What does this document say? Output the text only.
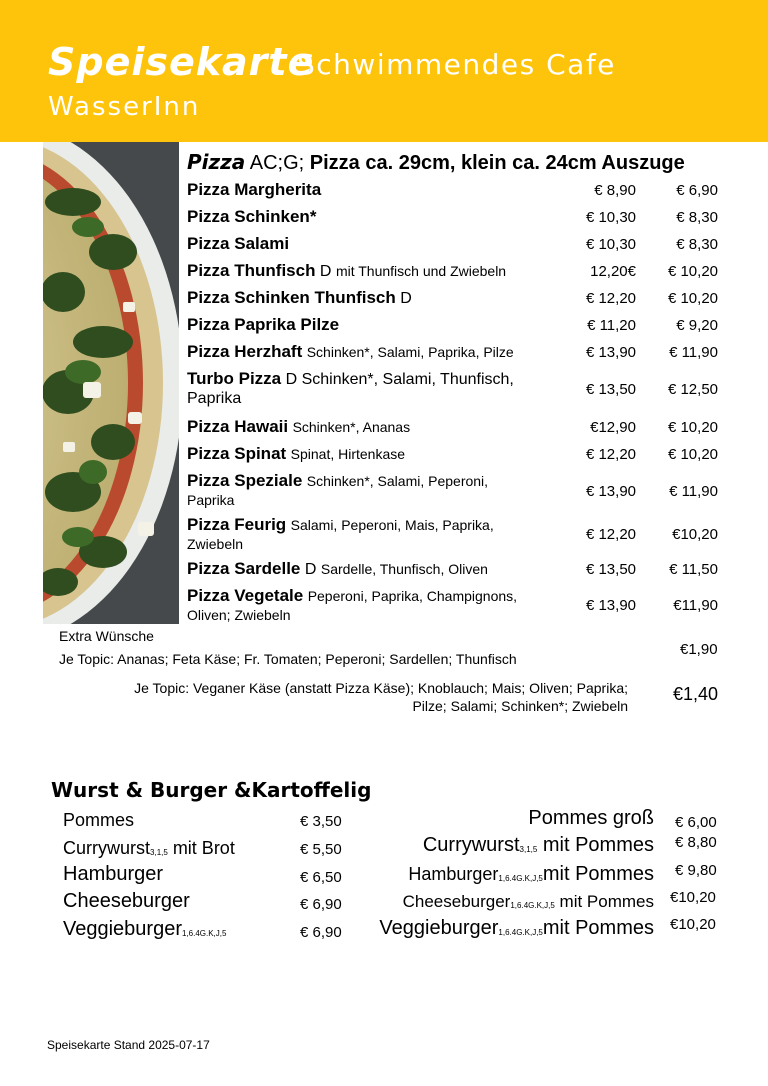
Speisekarte
Schwimmendes Cafe
WasserInn
Pizza AC;G; Pizza ca. 29cm, klein ca. 24cm Auszuge
Pizza Margherita	€ 8,90	€ 6,90
Pizza Schinken*	€ 10,30	€ 8,30
Pizza Salami	€ 10,30	€ 8,30
Pizza Thunfisch D mit Thunfisch und Zwiebeln	12,20€ € 10,20
Pizza Schinken Thunfisch D	€ 12,20 € 10,20
Pizza Paprika Pilze	€ 11,20	€ 9,20
Pizza Herzhaft Schinken*, Salami, Paprika, Pilze	€ 13,90 € 11,90
Turbo Pizza D Schinken*, Salami, Thunfisch, Paprika
€ 13,50 € 12,50
Pizza Hawaii Schinken*, Ananas	€12,90 € 10,20
Pizza Spinat Spinat, Hirtenkase	€ 12,20 € 10,20
Pizza Speziale Schinken*, Salami, Peperoni, Paprika	€ 13,90 € 11,90
Pizza Feurig Salami, Peperoni, Mais, Paprika, Zwiebeln
€ 12,20 €10,20
Pizza Sardelle D Sardelle, Thunfisch, Oliven	€ 13,50 € 11,50
Pizza Vegetale Peperoni, Paprika, Champignons, Oliven; Zwiebeln
€ 13,90 €11,90
Extra Wünsche
Je Topic: Ananas; Feta Käse; Fr. Tomaten; Peperoni; Sardellen; Thunfisch
€1,90
Je Topic: Veganer Käse (anstatt Pizza Käse); Knoblauch; Mais; Oliven; Paprika;
Pilze; Salami; Schinken*; Zwiebeln
€1,40
Wurst & Burger &Kartoffelig
Pommes	€ 3,50
Currywurst$_{3,1,5}$ mit Brot	€ 5,50
Hamburger	€ 6,50
Cheeseburger	€ 6,90
Veggieburger$_{1,6.4G.K,J,5}$	€ 6,90
Pommes groß € 6,00
Currywurst$_{3,1,5}$ mit Pommes € 8,80
Hamburger$_{1,6.4G.K,J,5}$mit Pommes € 9,80
Cheeseburger$_{1,6.4G.K,J,5}$ mit Pommes €10,20
Veggieburger$_{1,6.4G.K,J,5}$mit Pommes €10,20
Speisekarte Stand 2025-07-17
